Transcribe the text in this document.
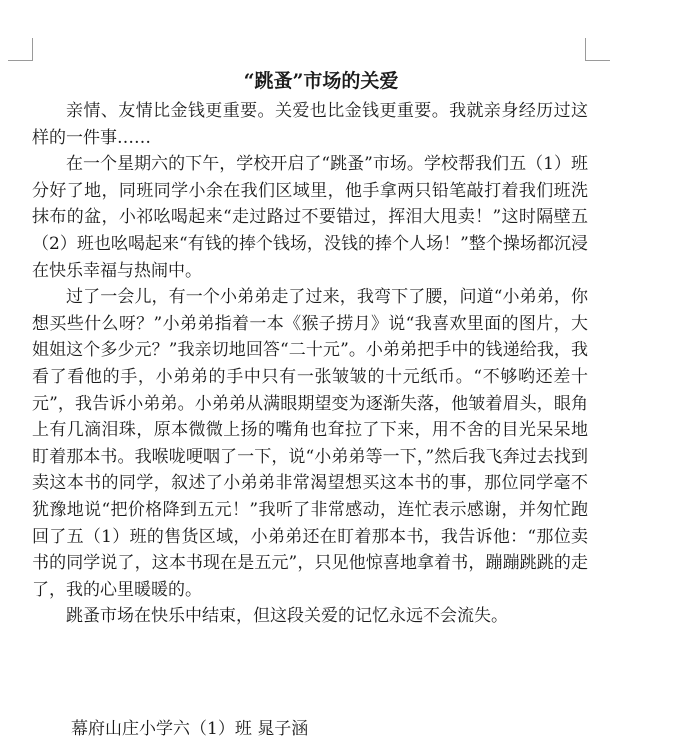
“跳蚤”市场的关爱

亲情、友情比金钱更重要。关爱也比金钱更重要。我就亲身经历过这样的一件事……

在一个星期六的下午，学校开启了“跳蚤”市场。学校帮我们五（1）班分好了地，同班同学小余在我们区域里，他手拿两只铅笔敲打着我们班洗抹布的盆，小祁吆喝起来“走过路过不要错过，挥泪大甩卖！”这时隔壁五（2）班也吆喝起来“有钱的捧个钱场，没钱的捧个人场！”整个操场都沉浸在快乐幸福与热闹中。

过了一会儿，有一个小弟弟走了过来，我弯下了腰，问道“小弟弟，你想买些什么呀？”小弟弟指着一本《猴子捞月》说“我喜欢里面的图片，大姐姐这个多少元？”我亲切地回答“二十元”。小弟弟把手中的钱递给我，我看了看他的手，小弟弟的手中只有一张皱皱的十元纸币。“不够哟还差十元”，我告诉小弟弟。小弟弟从满眼期望变为逐渐失落，他皱着眉头，眼角上有几滴泪珠，原本微微上扬的嘴角也耷拉了下来，用不舍的目光呆呆地盯着那本书。我喉咙哽咽了一下，说“小弟弟等一下，”然后我飞奔过去找到卖这本书的同学，叙述了小弟弟非常渴望想买这本书的事，那位同学毫不犹豫地说“把价格降到五元！”我听了非常感动，连忙表示感谢，并匆忙跑回了五（1）班的售货区域，小弟弟还在盯着那本书，我告诉他：“那位卖书的同学说了，这本书现在是五元”，只见他惊喜地拿着书，蹦蹦跳跳的走了，我的心里暖暖的。

跳蚤市场在快乐中结束，但这段关爱的记忆永远不会流失。

幕府山庄小学六（1）班 晁子涵
